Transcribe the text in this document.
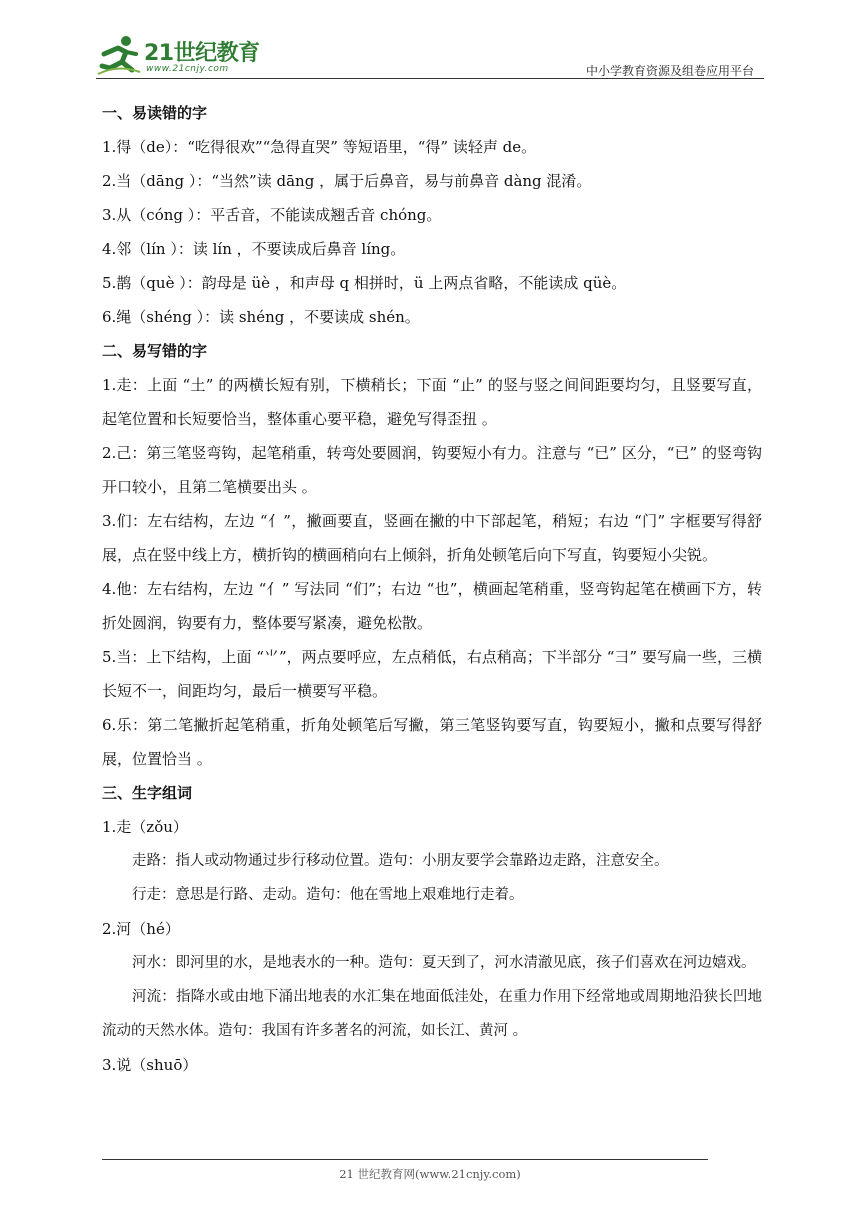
21世纪教育
www.21cnjy.com	中小学教育资源及组卷应用平台
一、易读错的字
1.得（de）：“吃得很欢”“急得直哭” 等短语里，“得” 读轻声 de。
2.当（dāng ）：“当然”读 dāng ，属于后鼻音，易与前鼻音 dàng 混淆。
3.从（cóng ）：平舌音，不能读成翘舌音 chóng。
4.邻（lín ）：读 lín ，不要读成后鼻音 líng。
5.鹊（què ）：韵母是 üè ，和声母 q 相拼时，ü 上两点省略，不能读成 qüè。
6.绳（shéng ）：读 shéng ，不要读成 shén。
二、易写错的字
1.走：上面 “土” 的两横长短有别，下横稍长；下面 “止” 的竖与竖之间间距要均匀，且竖要写直，起笔位置和长短要恰当，整体重心要平稳，避免写得歪扭 。
2.己：第三笔竖弯钩，起笔稍重，转弯处要圆润，钩要短小有力。注意与 “已” 区分，“已” 的竖弯钩开口较小，且第二笔横要出头 。
3.们：左右结构，左边 “亻”，撇画要直，竖画在撇的中下部起笔，稍短；右边 “门” 字框要写得舒展，点在竖中线上方，横折钩的横画稍向右上倾斜，折角处顿笔后向下写直，钩要短小尖锐。
4.他：左右结构，左边 “亻” 写法同 “们”；右边 “也”，横画起笔稍重，竖弯钩起笔在横画下方，转折处圆润，钩要有力，整体要写紧凑，避免松散。
5.当：上下结构，上面 “⺌”，两点要呼应，左点稍低，右点稍高；下半部分 “彐” 要写扁一些，三横长短不一，间距均匀，最后一横要写平稳。
6.乐：第二笔撇折起笔稍重，折角处顿笔后写撇，第三笔竖钩要写直，钩要短小，撇和点要写得舒展，位置恰当 。
三、生字组词
1.走（zǒu）
走路：指人或动物通过步行移动位置。造句：小朋友要学会靠路边走路，注意安全。
行走：意思是行路、走动。造句：他在雪地上艰难地行走着。
2.河（hé）
河水：即河里的水，是地表水的一种。造句：夏天到了，河水清澈见底，孩子们喜欢在河边嬉戏。
河流：指降水或由地下涌出地表的水汇集在地面低洼处，在重力作用下经常地或周期地沿狭长凹地流动的天然水体。造句：我国有许多著名的河流，如长江、黄河 。
3.说（shuō）
21 世纪教育网(www.21cnjy.com)
